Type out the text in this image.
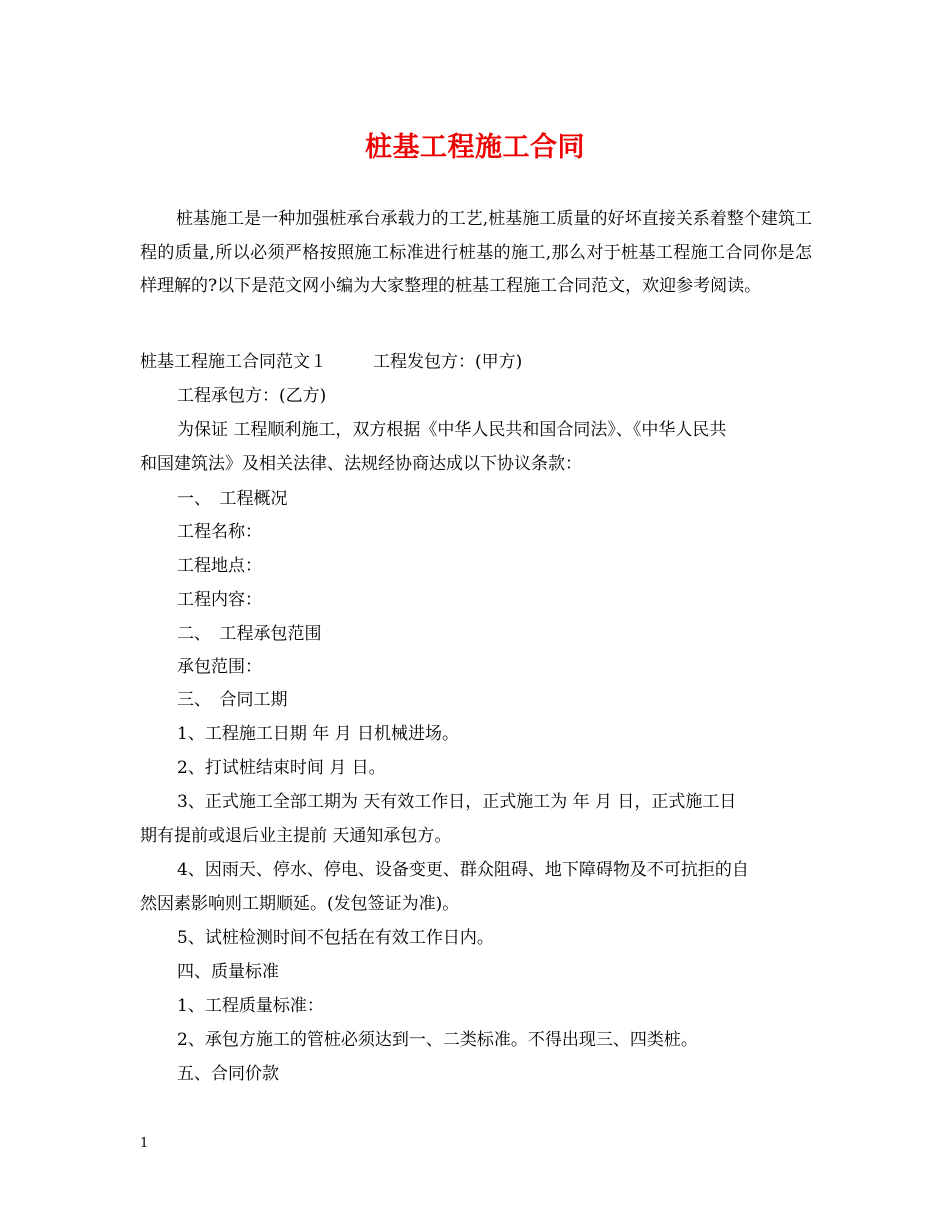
桩基工程施工合同

桩基施工是一种加强桩承台承载力的工艺,桩基施工质量的好坏直接关系着整个建筑工程的质量,所以必须严格按照施工标准进行桩基的施工,那么对于桩基工程施工合同你是怎样理解的?以下是范文网小编为大家整理的桩基工程施工合同范文，欢迎参考阅读。

桩基工程施工合同范文１	工程发包方：(甲方)
工程承包方：(乙方)
为保证 工程顺利施工，双方根据《中华人民共和国合同法》、《中华人民共
和国建筑法》及相关法律、法规经协商达成以下协议条款：
一、　工程概况
工程名称：
工程地点：
工程内容：
二、　工程承包范围
承包范围：
三、　合同工期
1、工程施工日期 年 月 日机械进场。
2、打试桩结束时间 月 日。
3、正式施工全部工期为 天有效工作日，正式施工为 年 月 日，正式施工日
期有提前或退后业主提前 天通知承包方。
4、因雨天、停水、停电、设备变更、群众阻碍、地下障碍物及不可抗拒的自
然因素影响则工期顺延。(发包签证为准)。
5、试桩检测时间不包括在有效工作日内。
四、质量标准
1、工程质量标准：
2、承包方施工的管桩必须达到一、二类标准。不得出现三、四类桩。
五、合同价款
1
